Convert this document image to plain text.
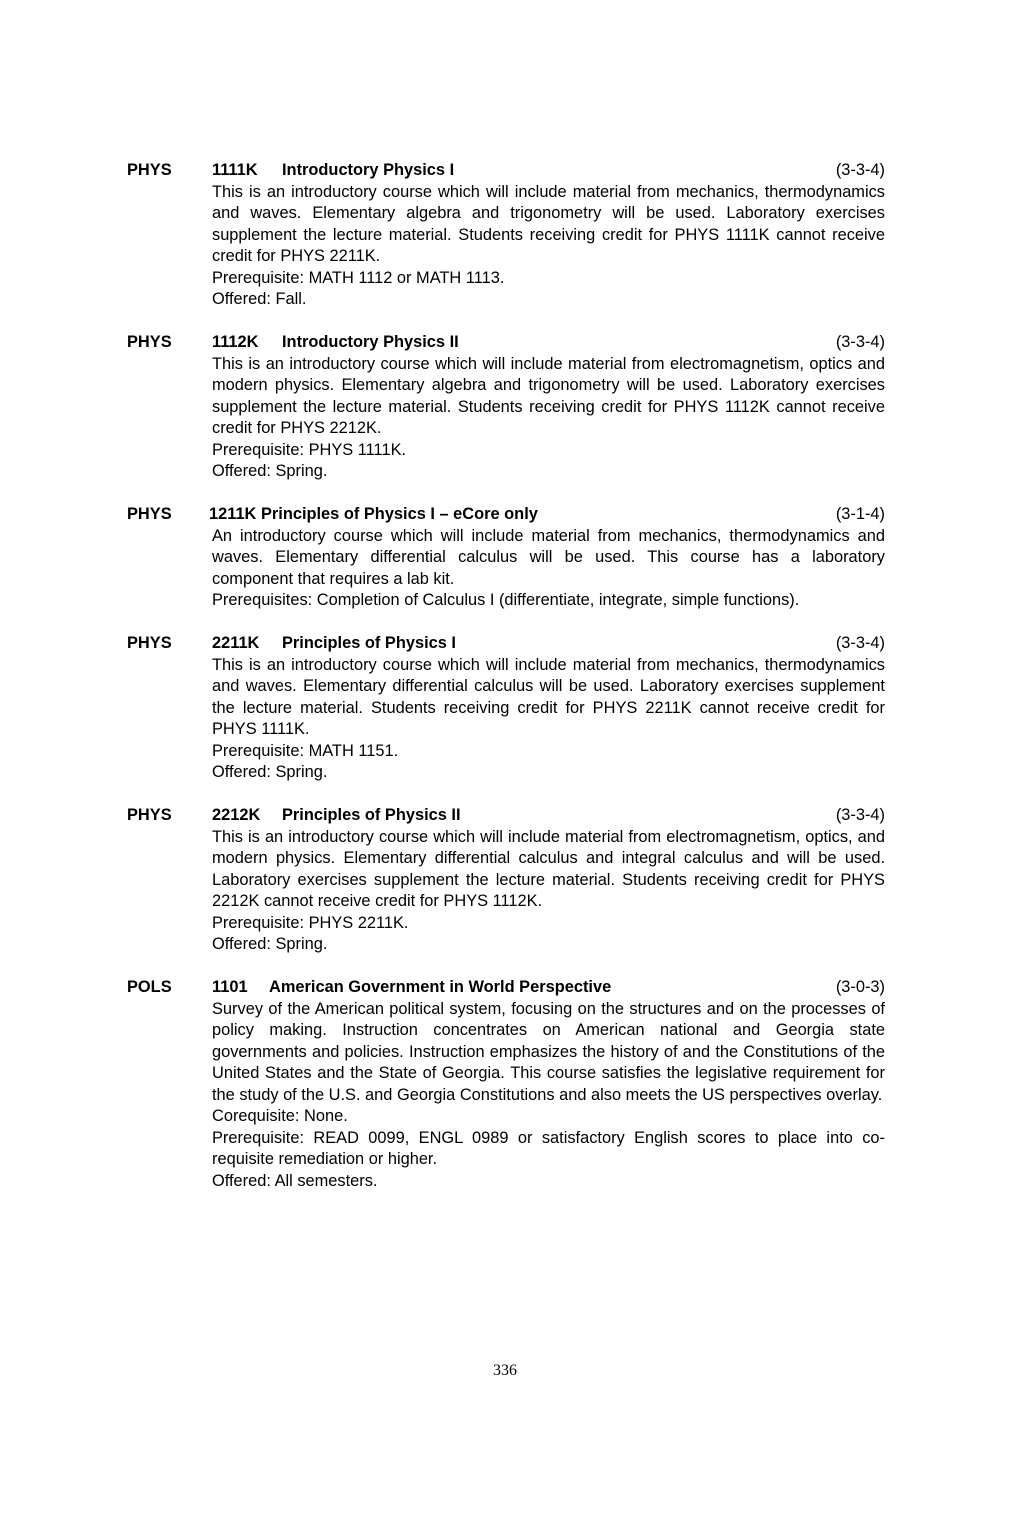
PHYS 1111K Introductory Physics I	(3-3-4)

This is an introductory course which will include material from mechanics, thermodynamics and waves. Elementary algebra and trigonometry will be used. Laboratory exercises supplement the lecture material. Students receiving credit for PHYS 1111K cannot receive credit for PHYS 2211K.

Prerequisite: MATH 1112 or MATH 1113.

Offered: Fall.

PHYS 1112K Introductory Physics II	(3-3-4)

This is an introductory course which will include material from electromagnetism, optics and modern physics. Elementary algebra and trigonometry will be used. Laboratory exercises supplement the lecture material. Students receiving credit for PHYS 1112K cannot receive credit for PHYS 2212K.

Prerequisite: PHYS 1111K.

Offered: Spring.

PHYS 1211K Principles of Physics I – eCore only	(3-1-4)

An introductory course which will include material from mechanics, thermodynamics and waves. Elementary differential calculus will be used. This course has a laboratory component that requires a lab kit.

Prerequisites: Completion of Calculus I (differentiate, integrate, simple functions).

PHYS 2211K Principles of Physics I	(3-3-4)

This is an introductory course which will include material from mechanics, thermodynamics and waves. Elementary differential calculus will be used. Laboratory exercises supplement the lecture material. Students receiving credit for PHYS 2211K cannot receive credit for PHYS 1111K.

Prerequisite: MATH 1151.

Offered: Spring.

PHYS 2212K Principles of Physics II	(3-3-4)

This is an introductory course which will include material from electromagnetism, optics, and modern physics. Elementary differential calculus and integral calculus and will be used. Laboratory exercises supplement the lecture material. Students receiving credit for PHYS 2212K cannot receive credit for PHYS 1112K.

Prerequisite: PHYS 2211K.

Offered: Spring.

POLS 1101 American Government in World Perspective	(3-0-3)

Survey of the American political system, focusing on the structures and on the processes of policy making. Instruction concentrates on American national and Georgia state governments and policies. Instruction emphasizes the history of and the Constitutions of the United States and the State of Georgia. This course satisfies the legislative requirement for the study of the U.S. and Georgia Constitutions and also meets the US perspectives overlay.

Corequisite: None.

Prerequisite: READ 0099, ENGL 0989 or satisfactory English scores to place into co-requisite remediation or higher.

Offered: All semesters.

336
